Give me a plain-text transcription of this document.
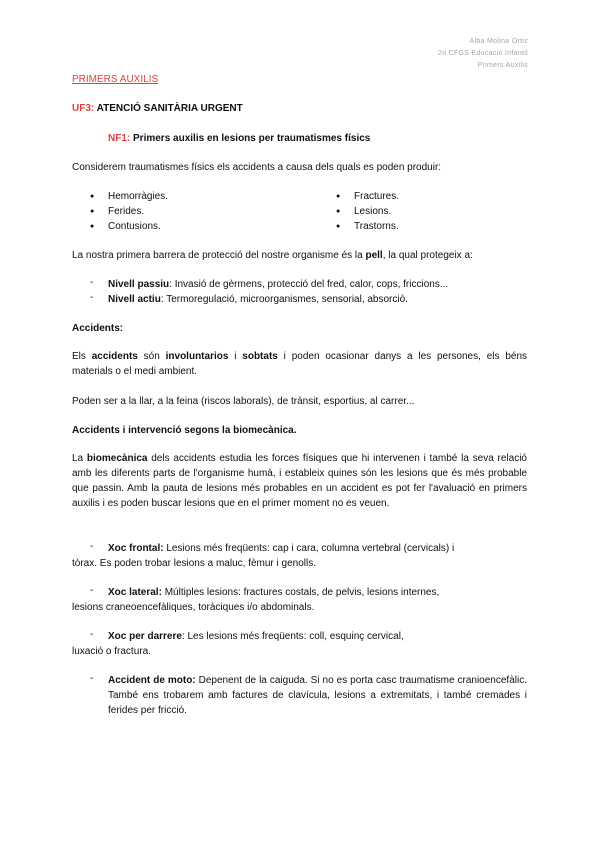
Alba Molina Ortiz
2n CFGS Educació Infantil
Primers Auxilis
PRIMERS AUXILIS
UF3: ATENCIÓ SANITÀRIA URGENT
NF1: Primers auxilis en lesions per traumatismes físics
Considerem traumatismes físics els accidents a causa dels quals es poden produir:
● Hemorràgies.
● Ferides.
● Contusions.
● Fractures.
● Lesions.
● Trastorns.
La nostra primera barrera de protecció del nostre organisme és la pell, la qual protegeix a:
- Nivell passiu: Invasió de gèrmens, protecció del fred, calor, cops, friccions...
- Nivell actiu: Termoregulació, microorganismes, sensorial, absorció.
Accidents:
Els accidents són involuntarios i sobtats i poden ocasionar danys a les persones, els béns materials o el medi ambient.
Poden ser a la llar, a la feina (riscos laborals), de trànsit, esportius, al carrer...
Accidents i intervenció segons la biomecànica.
La biomecànica dels accidents estudia les forces físiques que hi intervenen i també la seva relació amb les diferents parts de l'organisme humà, i estableix quines són les lesions que és més probable que passin. Amb la pauta de lesions més probables en un accident es pot fer l'avaluació en primers auxilis i es poden buscar lesions que en el primer moment no es veuen.
- Xoc frontal: Lesions més freqüents: cap i cara, columna vertebral (cervicals) i
tòrax. Es poden trobar lesions a maluc, fèmur i genolls.
- Xoc lateral: Múltiples lesions: fractures costals, de pelvis, lesions internes,
lesions craneoencefàliques, toràciques i/o abdominals.
- Xoc per darrere: Les lesions més freqüents: coll, esquinç cervical,
luxació o fractura.
- Accident de moto: Depenent de la caiguda. Si no es porta casc traumatisme cranioencefàlic. També ens trobarem amb factures de clavícula, lesions a extremitats, i també cremades i ferides per fricció.
